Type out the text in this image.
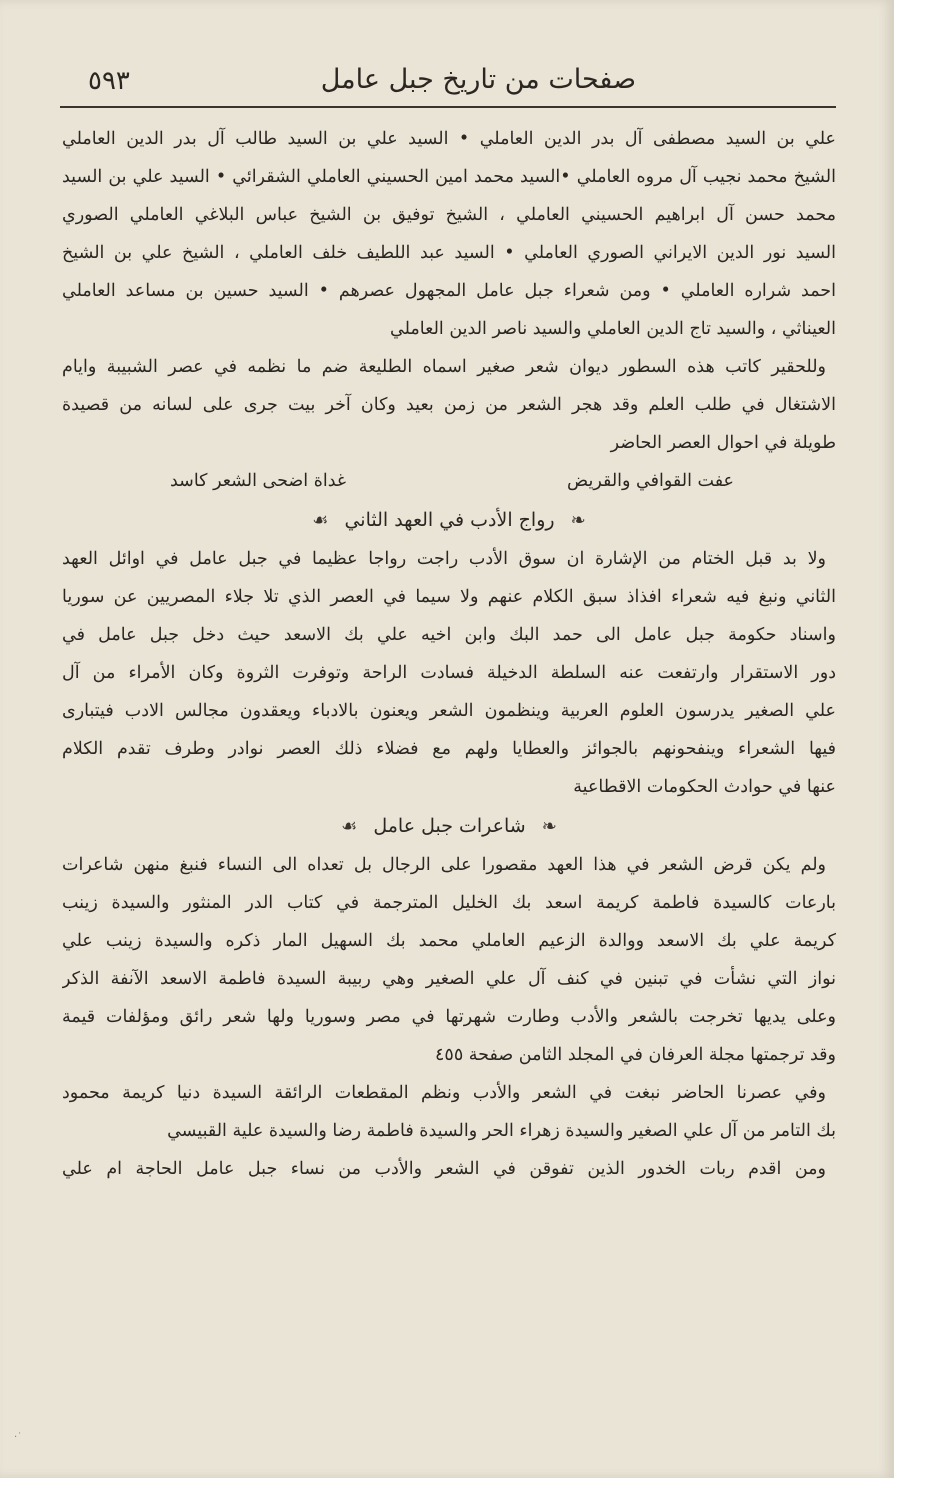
صفحات من تاريخ جبل عامل
٥٩٣
علي بن السيد مصطفى آل بدر الدين العاملي • السيد علي بن السيد طالب آل بدر الدين العاملي
الشيخ محمد نجيب آل مروه العاملي •السيد محمد امين الحسيني العاملي الشقرائي • السيد علي بن السيد
محمد حسن آل ابراهيم الحسيني العاملي ، الشيخ توفيق بن الشيخ عباس البلاغي العاملي الصوري
السيد نور الدين الايراني الصوري العاملي • السيد عبد اللطيف خلف العاملي ، الشيخ علي بن الشيخ
احمد شراره العاملي • ومن شعراء جبل عامل المجهول عصرهم • السيد حسين بن مساعد العاملي
العيناثي ، والسيد تاج الدين العاملي والسيد ناصر الدين العاملي
وللحقير كاتب هذه السطور ديوان شعر صغير اسماه الطليعة ضم ما نظمه في عصر الشبيبة وايام
الاشتغال في طلب العلم وقد هجر الشعر من زمن بعيد وكان آخر بيت جرى على لسانه من قصيدة
طويلة في احوال العصر الحاضر
عفت القوافي والقريض
غداة اضحى الشعر كاسد
❧ رواج الأدب في العهد الثاني ☙
ولا بد قبل الختام من الإشارة ان سوق الأدب راجت رواجا عظيما في جبل عامل في اوائل العهد
الثاني ونبغ فيه شعراء افذاذ سبق الكلام عنهم ولا سيما في العصر الذي تلا جلاء المصريين عن سوريا
واسناد حكومة جبل عامل الى حمد البك وابن اخيه علي بك الاسعد حيث دخل جبل عامل في
دور الاستقرار وارتفعت عنه السلطة الدخيلة فسادت الراحة وتوفرت الثروة وكان الأمراء من آل
علي الصغير يدرسون العلوم العربية وينظمون الشعر ويعنون بالادباء ويعقدون مجالس الادب فيتبارى
فيها الشعراء وينفحونهم بالجوائز والعطايا ولهم مع فضلاء ذلك العصر نوادر وطرف تقدم الكلام
عنها في حوادث الحكومات الاقطاعية
❧ شاعرات جبل عامل ☙
ولم يكن قرض الشعر في هذا العهد مقصورا على الرجال بل تعداه الى النساء فنبغ منهن شاعرات
بارعات كالسيدة فاطمة كريمة اسعد بك الخليل المترجمة في كتاب الدر المنثور والسيدة زينب
كريمة علي بك الاسعد ووالدة الزعيم العاملي محمد بك السهيل المار ذكره والسيدة زينب علي
نواز التي نشأت في تبنين في كنف آل علي الصغير وهي ربيبة السيدة فاطمة الاسعد الآنفة الذكر
وعلى يديها تخرجت بالشعر والأدب وطارت شهرتها في مصر وسوريا ولها شعر رائق ومؤلفات قيمة
وقد ترجمتها مجلة العرفان في المجلد الثامن صفحة ٤٥٥
وفي عصرنا الحاضر نبغت في الشعر والأدب ونظم المقطعات الرائقة السيدة دنيا كريمة محمود
بك التامر من آل علي الصغير والسيدة زهراء الحر والسيدة فاطمة رضا والسيدة علية القبيسي
ومن اقدم ربات الخدور الذين تفوقن في الشعر والأدب من نساء جبل عامل الحاجة ام علي
·˙
